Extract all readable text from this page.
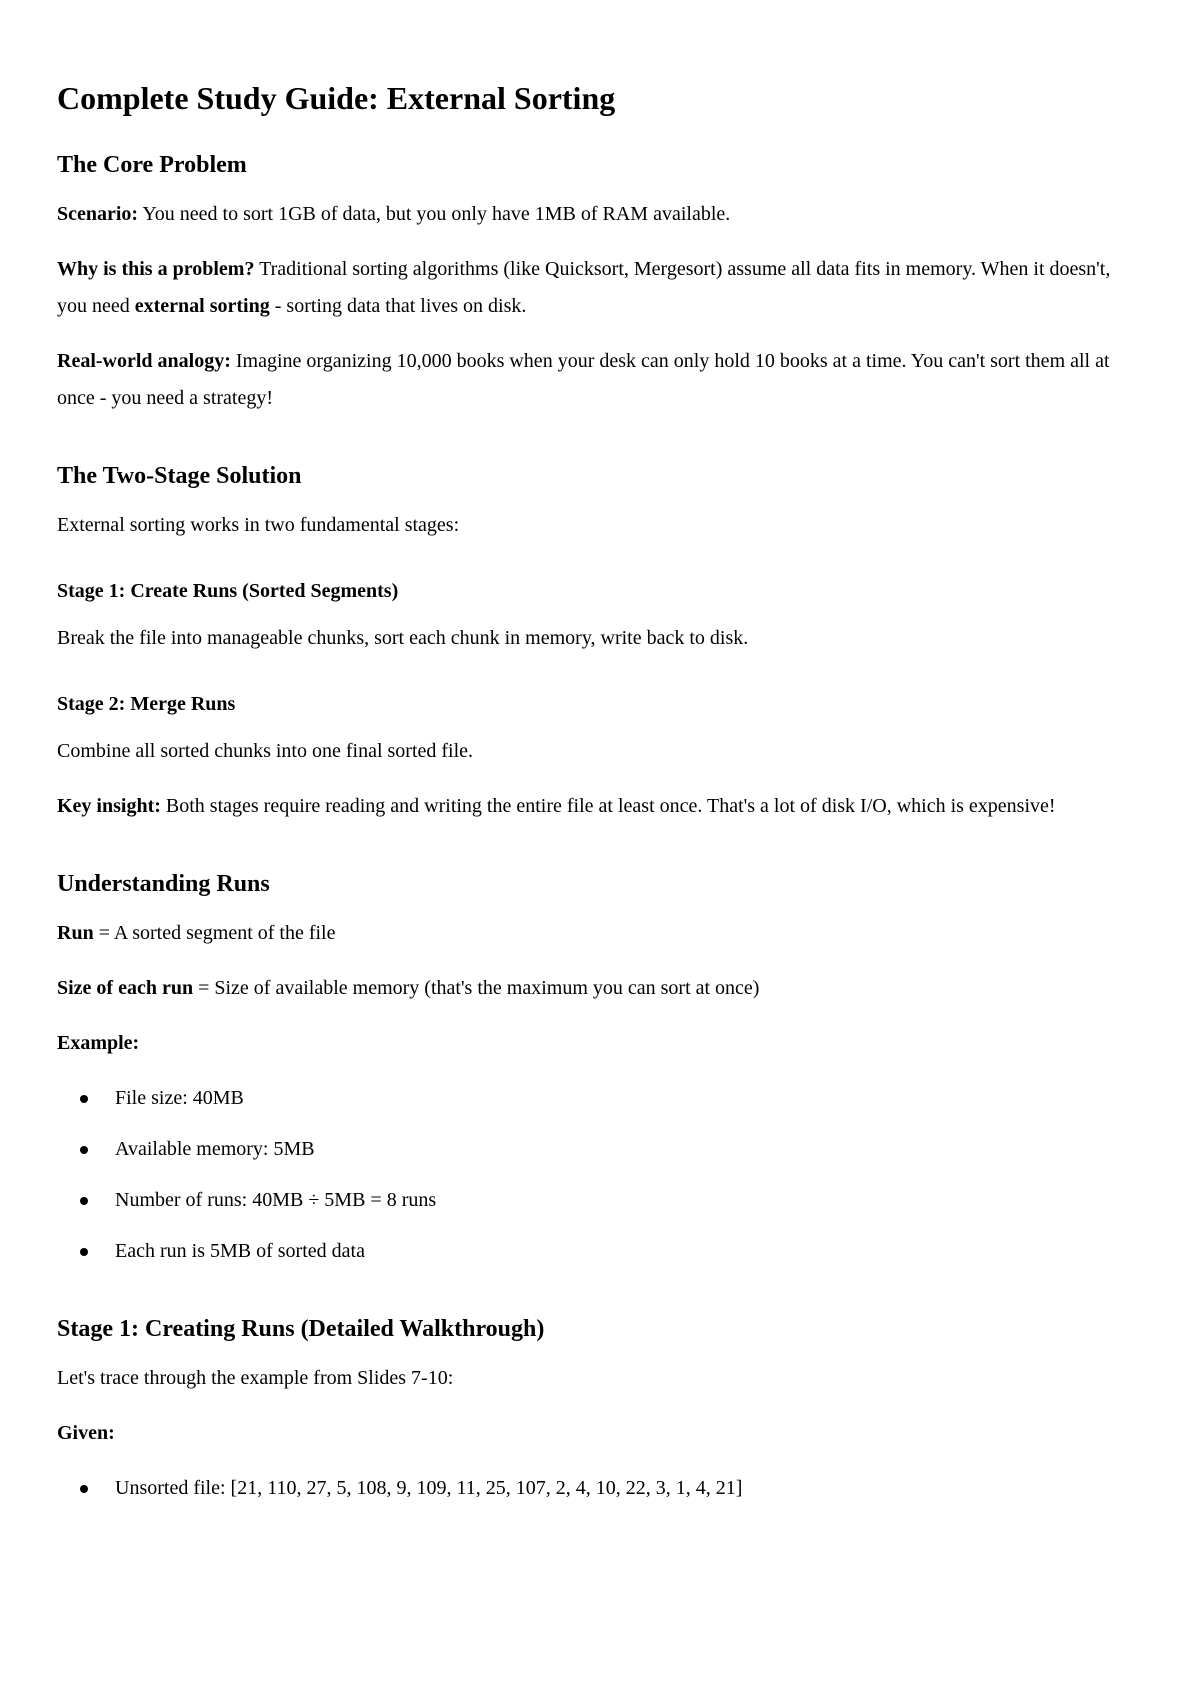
Complete Study Guide: External Sorting
The Core Problem

Scenario: You need to sort 1GB of data, but you only have 1MB of RAM available.

Why is this a problem? Traditional sorting algorithms (like Quicksort, Mergesort) assume all data fits in memory. When it doesn't, you need external sorting - sorting data that lives on disk.

Real-world analogy: Imagine organizing 10,000 books when your desk can only hold 10 books at a time. You can't sort them all at once - you need a strategy!

The Two-Stage Solution

External sorting works in two fundamental stages:

Stage 1: Create Runs (Sorted Segments)

Break the file into manageable chunks, sort each chunk in memory, write back to disk.

Stage 2: Merge Runs

Combine all sorted chunks into one final sorted file.

Key insight: Both stages require reading and writing the entire file at least once. That's a lot of disk I/O, which is expensive!

Understanding Runs

Run = A sorted segment of the file

Size of each run = Size of available memory (that's the maximum you can sort at once)

Example:

File size: 40MB
Available memory: 5MB
Number of runs: 40MB ÷ 5MB = 8 runs
Each run is 5MB of sorted data
Stage 1: Creating Runs (Detailed Walkthrough)

Let's trace through the example from Slides 7-10:

Given:

Unsorted file: [21, 110, 27, 5, 108, 9, 109, 11, 25, 107, 2, 4, 10, 22, 3, 1, 4, 21]
